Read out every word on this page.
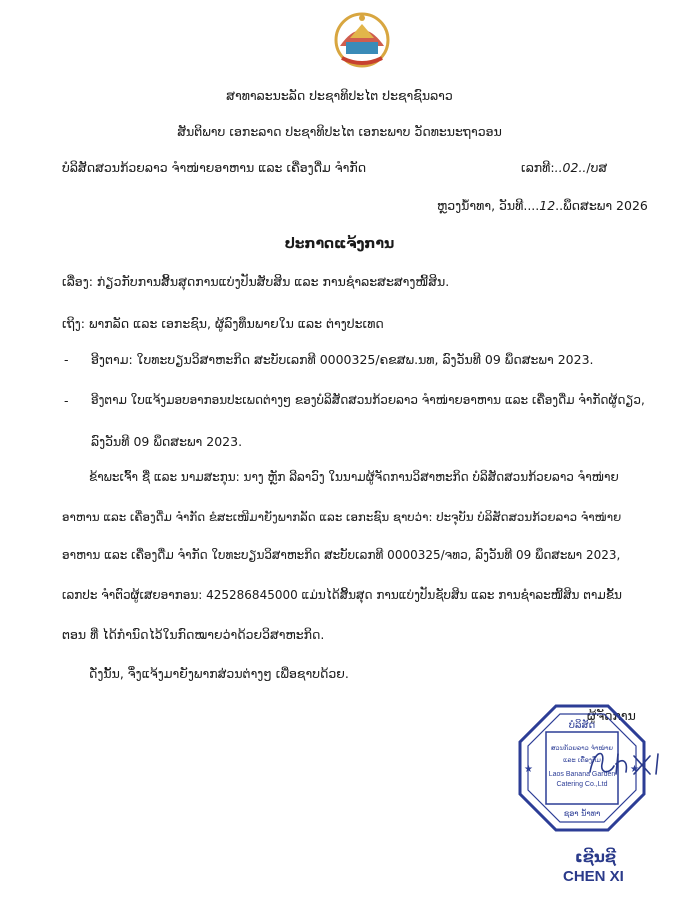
ສາທາລະນະລັດ ປະຊາທິປະໄຕ ປະຊາຊົນລາວ
ສັນຕິພາບ ເອກະລາດ ປະຊາທິປະໄຕ ເອກະພາບ ວັດທະນະຖາວອນ
ບໍລິສັດສວນກ້ວຍລາວ ຈຳໜ່າຍອາຫານ ແລະ ເຄື່ອງດື່ມ ຈຳກັດ	ເລກທີ:..02../ບສ
ຫຼວງນ້ຳທາ, ວັນທີ....12..ພຶດສະພາ 2026
ປະກາດແຈ້ງການ
ເລື່ອງ: ກ່ຽວກັບການສິ້ນສຸດການແບ່ງປັນສັບສິນ ແລະ ການຊຳລະສະສາງໜີ້ສິນ.
ເຖິງ: ພາກລັດ ແລະ ເອກະຊົນ, ຜູ້ລົງທຶນພາຍໃນ ແລະ ຕ່າງປະເທດ
- ອີງຕາມ: ໃບທະບຽນວິສາຫະກິດ ສະບັບເລກທີ 0000325/ຄຂສພ.ນທ, ລົງວັນທີ 09 ພຶດສະພາ 2023.
- ອີງຕາມ ໃບແຈ້ງມອບອາກອນປະເພດຕ່າງໆ ຂອງບໍລິສັດສວນກ້ວຍລາວ ຈຳໜ່າຍອາຫານ ແລະ ເຄື່ອງດື່ມ ຈຳກັດຜູ້ດຽວ,
ລົງວັນທີ 09 ພຶດສະພາ 2023.
ຂ້າພະເຈົ້າ ຊື່ ແລະ ນາມສະກຸນ: ນາງ ຫຼັກ ລີລາວົງ ໃນນາມຜູ້ຈັດການວິສາຫະກິດ ບໍລິສັດສວນກ້ວຍລາວ ຈຳໜ່າຍ
ອາຫານ ແລະ ເຄື່ອງດື່ມ ຈຳກັດ ຂໍສະເໜີມາຍັງພາກລັດ ແລະ ເອກະຊົນ ຊາບວ່າ: ປະຈຸບັນ ບໍລິສັດສວນກ້ວຍລາວ ຈຳໜ່າຍ
ອາຫານ ແລະ ເຄື່ອງດື່ມ ຈຳກັດ ໃບທະບຽນວິສາຫະກິດ ສະບັບເລກທີ 0000325/ຈທວ, ລົງວັນທີ 09 ພຶດສະພາ 2023,
ເລກປະ ຈຳຕົວຜູ້ເສຍອາກອນ: 425286845000 ແມ່ນໄດ້ສິ້ນສຸດ ການແບ່ງປັນຊັບສິນ ແລະ ການຊຳລະໜີ້ສິນ ຕາມຂັ້ນ
ຕອນ ທີ່ ໄດ້ກຳນົດໄວ້ໃນກົດໝາຍວ່າດ້ວຍວິສາຫະກິດ.
ດັ່ງນັ້ນ, ຈຶ່ງແຈ້ງມາຍັງພາກສ່ວນຕ່າງໆ ເພື່ອຊາບດ້ວຍ.
ຜູ້ຈັດການ
ບໍລິສັດ
ສວນກ້ວຍລາວ ຈຳໜ່າຍ
ແລະ ເຄື່ອງດື່ມ
Laos Banana Garden
Catering Co.,Ltd
ຊອາ ນ້ຳທາ
★	★
ເຊີນຊີ
CHEN XI
